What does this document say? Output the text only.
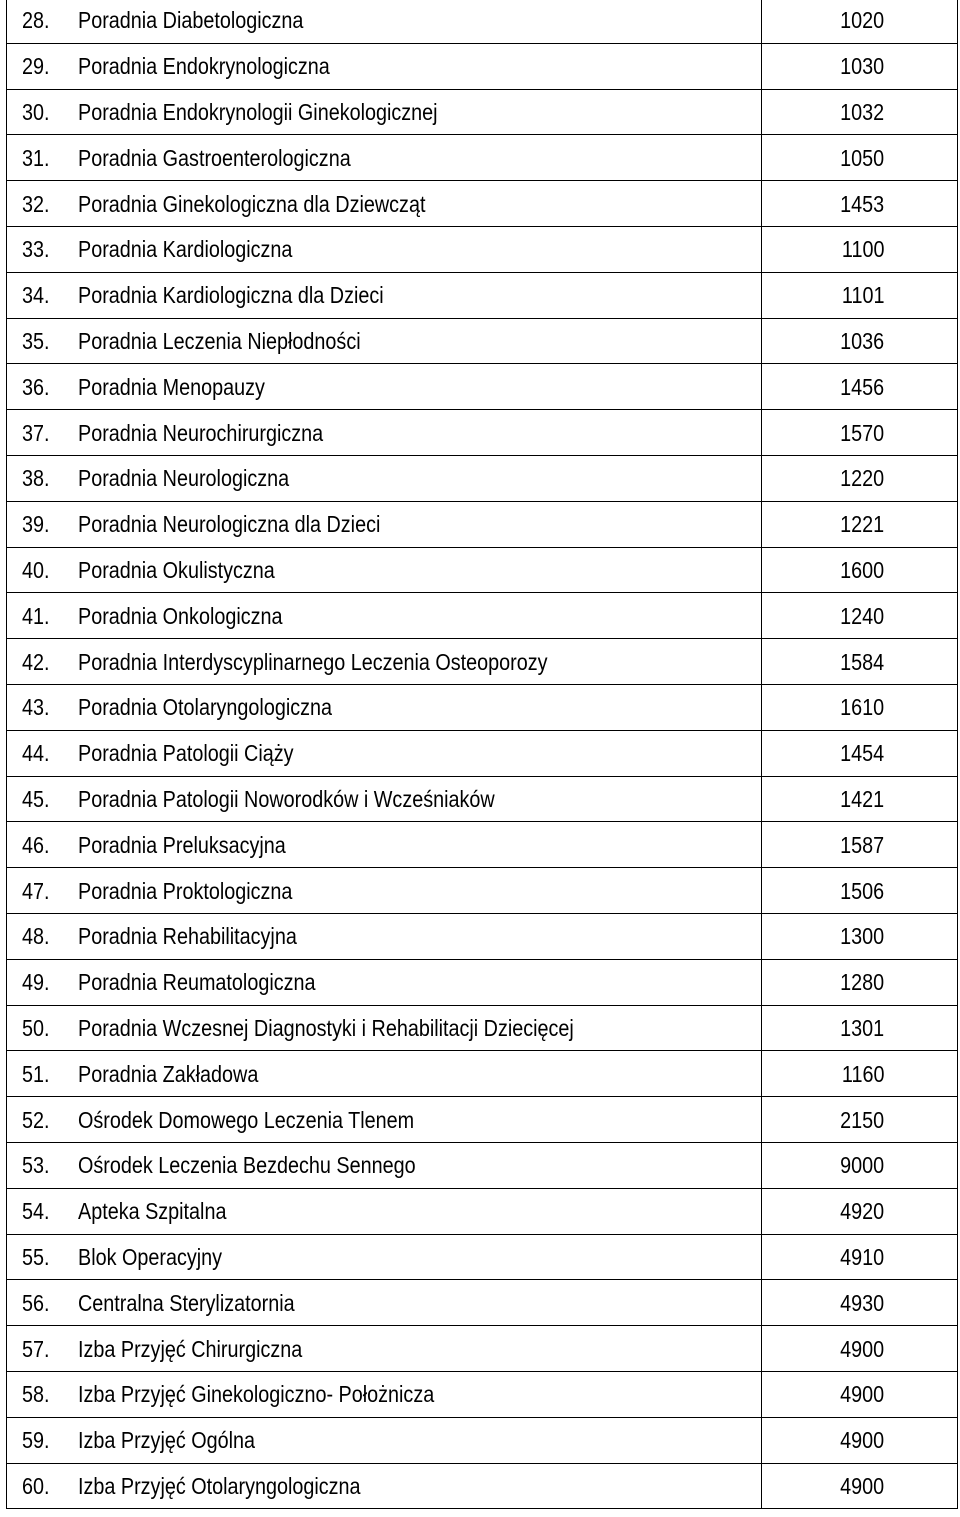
28.	Poradnia Diabetologiczna	1020
29.	Poradnia Endokrynologiczna	1030
30.	Poradnia Endokrynologii Ginekologicznej	1032
31.	Poradnia Gastroenterologiczna	1050
32.	Poradnia Ginekologiczna dla Dziewcząt	1453
33.	Poradnia Kardiologiczna	1100
34.	Poradnia Kardiologiczna dla Dzieci	1101
35.	Poradnia Leczenia Niepłodności	1036
36.	Poradnia Menopauzy	1456
37.	Poradnia Neurochirurgiczna	1570
38.	Poradnia Neurologiczna	1220
39.	Poradnia Neurologiczna dla Dzieci	1221
40.	Poradnia Okulistyczna	1600
41.	Poradnia Onkologiczna	1240
42.	Poradnia Interdyscyplinarnego Leczenia Osteoporozy	1584
43.	Poradnia Otolaryngologiczna	1610
44.	Poradnia Patologii Ciąży	1454
45.	Poradnia Patologii Noworodków i Wcześniaków	1421
46.	Poradnia Preluksacyjna	1587
47.	Poradnia Proktologiczna	1506
48.	Poradnia Rehabilitacyjna	1300
49.	Poradnia Reumatologiczna	1280
50.	Poradnia Wczesnej Diagnostyki i Rehabilitacji Dziecięcej	1301
51.	Poradnia Zakładowa	1160
52.	Ośrodek Domowego Leczenia Tlenem	2150
53.	Ośrodek Leczenia Bezdechu Sennego	9000
54.	Apteka Szpitalna	4920
55.	Blok Operacyjny	4910
56.	Centralna Sterylizatornia	4930
57.	Izba Przyjęć Chirurgiczna	4900
58.	Izba Przyjęć Ginekologiczno- Położnicza	4900
59.	Izba Przyjęć Ogólna	4900
60.	Izba Przyjęć Otolaryngologiczna	4900
